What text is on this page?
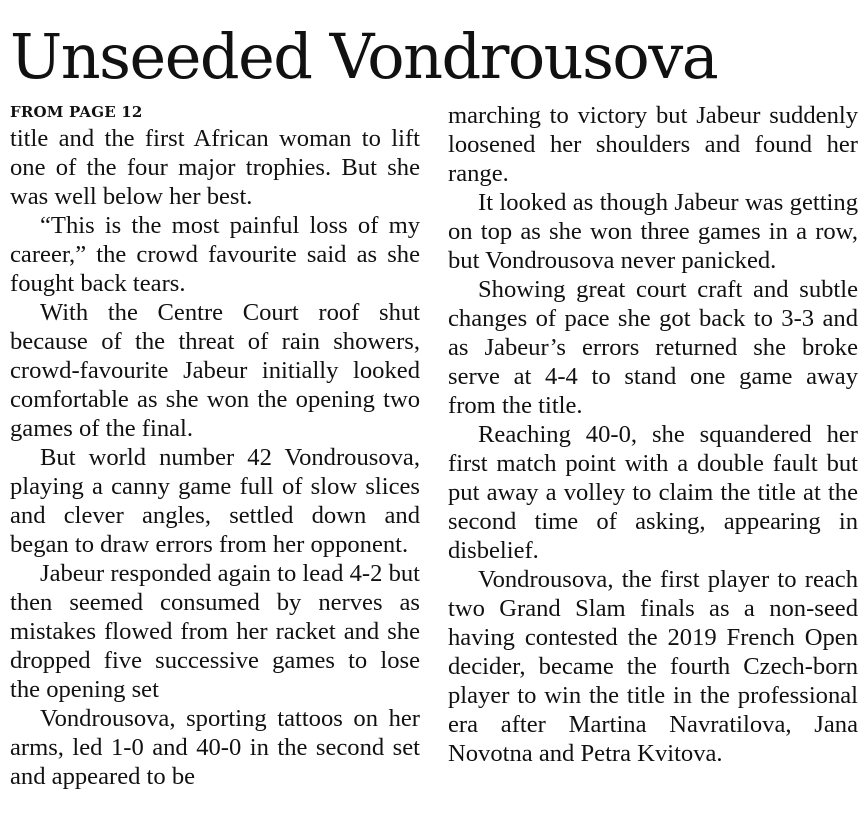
Unseeded Vondrousova
FROM PAGE 12

title and the first African woman to lift one of the four major trophies. But she was well below her best.

“This is the most painful loss of my career,” the crowd favourite said as she fought back tears.

With the Centre Court roof shut because of the threat of rain showers, crowd-favourite Jabeur initially looked comfortable as she won the opening two games of the final.

But world number 42 Vondrousova, playing a canny game full of slow slices and clever angles, settled down and began to draw errors from her opponent.

Jabeur responded again to lead 4-2 but then seemed consumed by nerves as mistakes flowed from her racket and she dropped five successive games to lose the opening set

Vondrousova, sporting tattoos on her arms, led 1-0 and 40-0 in the second set and appeared to be

marching to victory but Jabeur suddenly loosened her shoulders and found her range.

It looked as though Jabeur was getting on top as she won three games in a row, but Vondrousova never panicked.

Showing great court craft and subtle changes of pace she got back to 3-3 and as Jabeur’s errors returned she broke serve at 4-4 to stand one game away from the title.

Reaching 40-0, she squandered her first match point with a double fault but put away a volley to claim the title at the second time of asking, appearing in disbelief.

Vondrousova, the first player to reach two Grand Slam finals as a non-seed having contested the 2019 French Open decider, became the fourth Czech-born player to win the title in the professional era after Martina Navratilova, Jana Novotna and Petra Kvitova.
